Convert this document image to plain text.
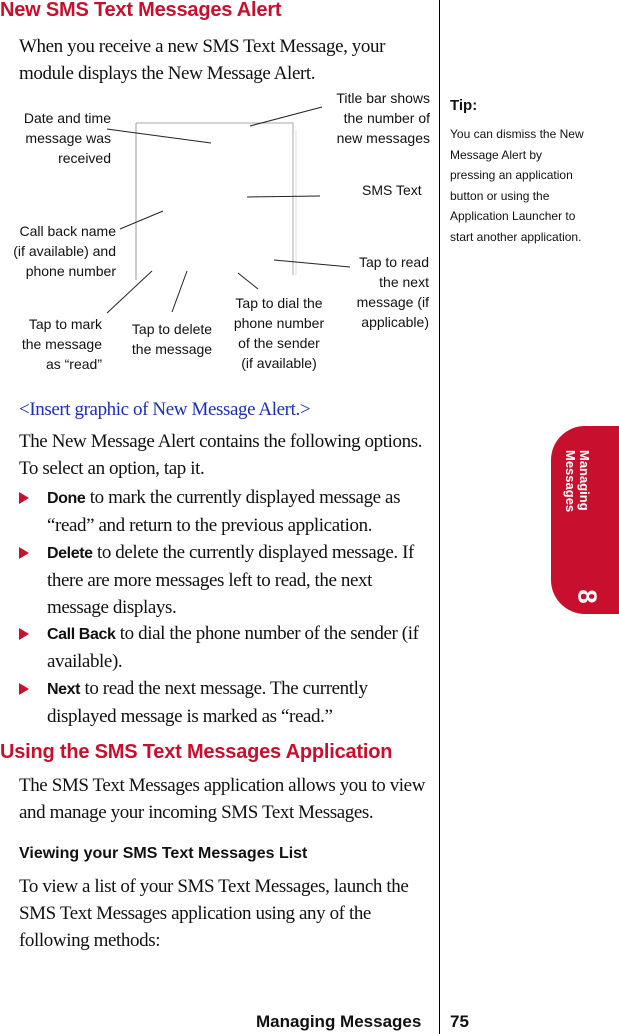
New SMS Text Messages Alert

When you receive a new SMS Text Message, your module displays the New Message Alert.

Date and time
message was
received
Title bar shows
the number of
new messages
SMS Text
Call back name
(if available) and
phone number
Tap to read
the next
message (if
applicable)
Tap to mark
the message
as “read”
Tap to delete
the message
Tap to dial the
phone number
of the sender
(if available)

<Insert graphic of New Message Alert.>

The New Message Alert contains the following options. To select an option, tap it.

Done to mark the currently displayed message as “read” and return to the previous application.
Delete to delete the currently displayed message. If there are more messages left to read, the next message displays.
Call Back to dial the phone number of the sender (if available).
Next to read the next message. The currently displayed message is marked as “read.”
Using the SMS Text Messages Application

The SMS Text Messages application allows you to view and manage your incoming SMS Text Messages.

Viewing your SMS Text Messages List

To view a list of your SMS Text Messages, launch the SMS Text Messages application using any of the following methods:

Tip:
You can dismiss the New Message Alert by pressing an application button or using the Application Launcher to start another application.
Managing
Messages
8
Managing Messages 75
